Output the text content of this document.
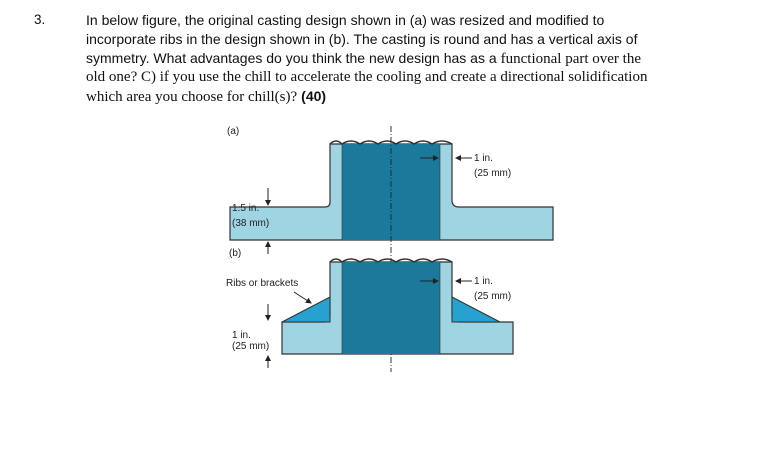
3.	In below figure, the original casting design shown in (a) was resized and modified to
incorporate ribs in the design shown in (b). The casting is round and has a vertical axis of
symmetry. What advantages do you think the new design has as a functional part over the
old one? C) if you use the chill to accelerate the cooling and create a directional solidification
which area you choose for chill(s)? (40)
(a)
1.5 in.
(38 mm)
1 in.
(25 mm)
(b)
Ribs or brackets
1 in.
(25 mm)
1 in.
(25 mm)
